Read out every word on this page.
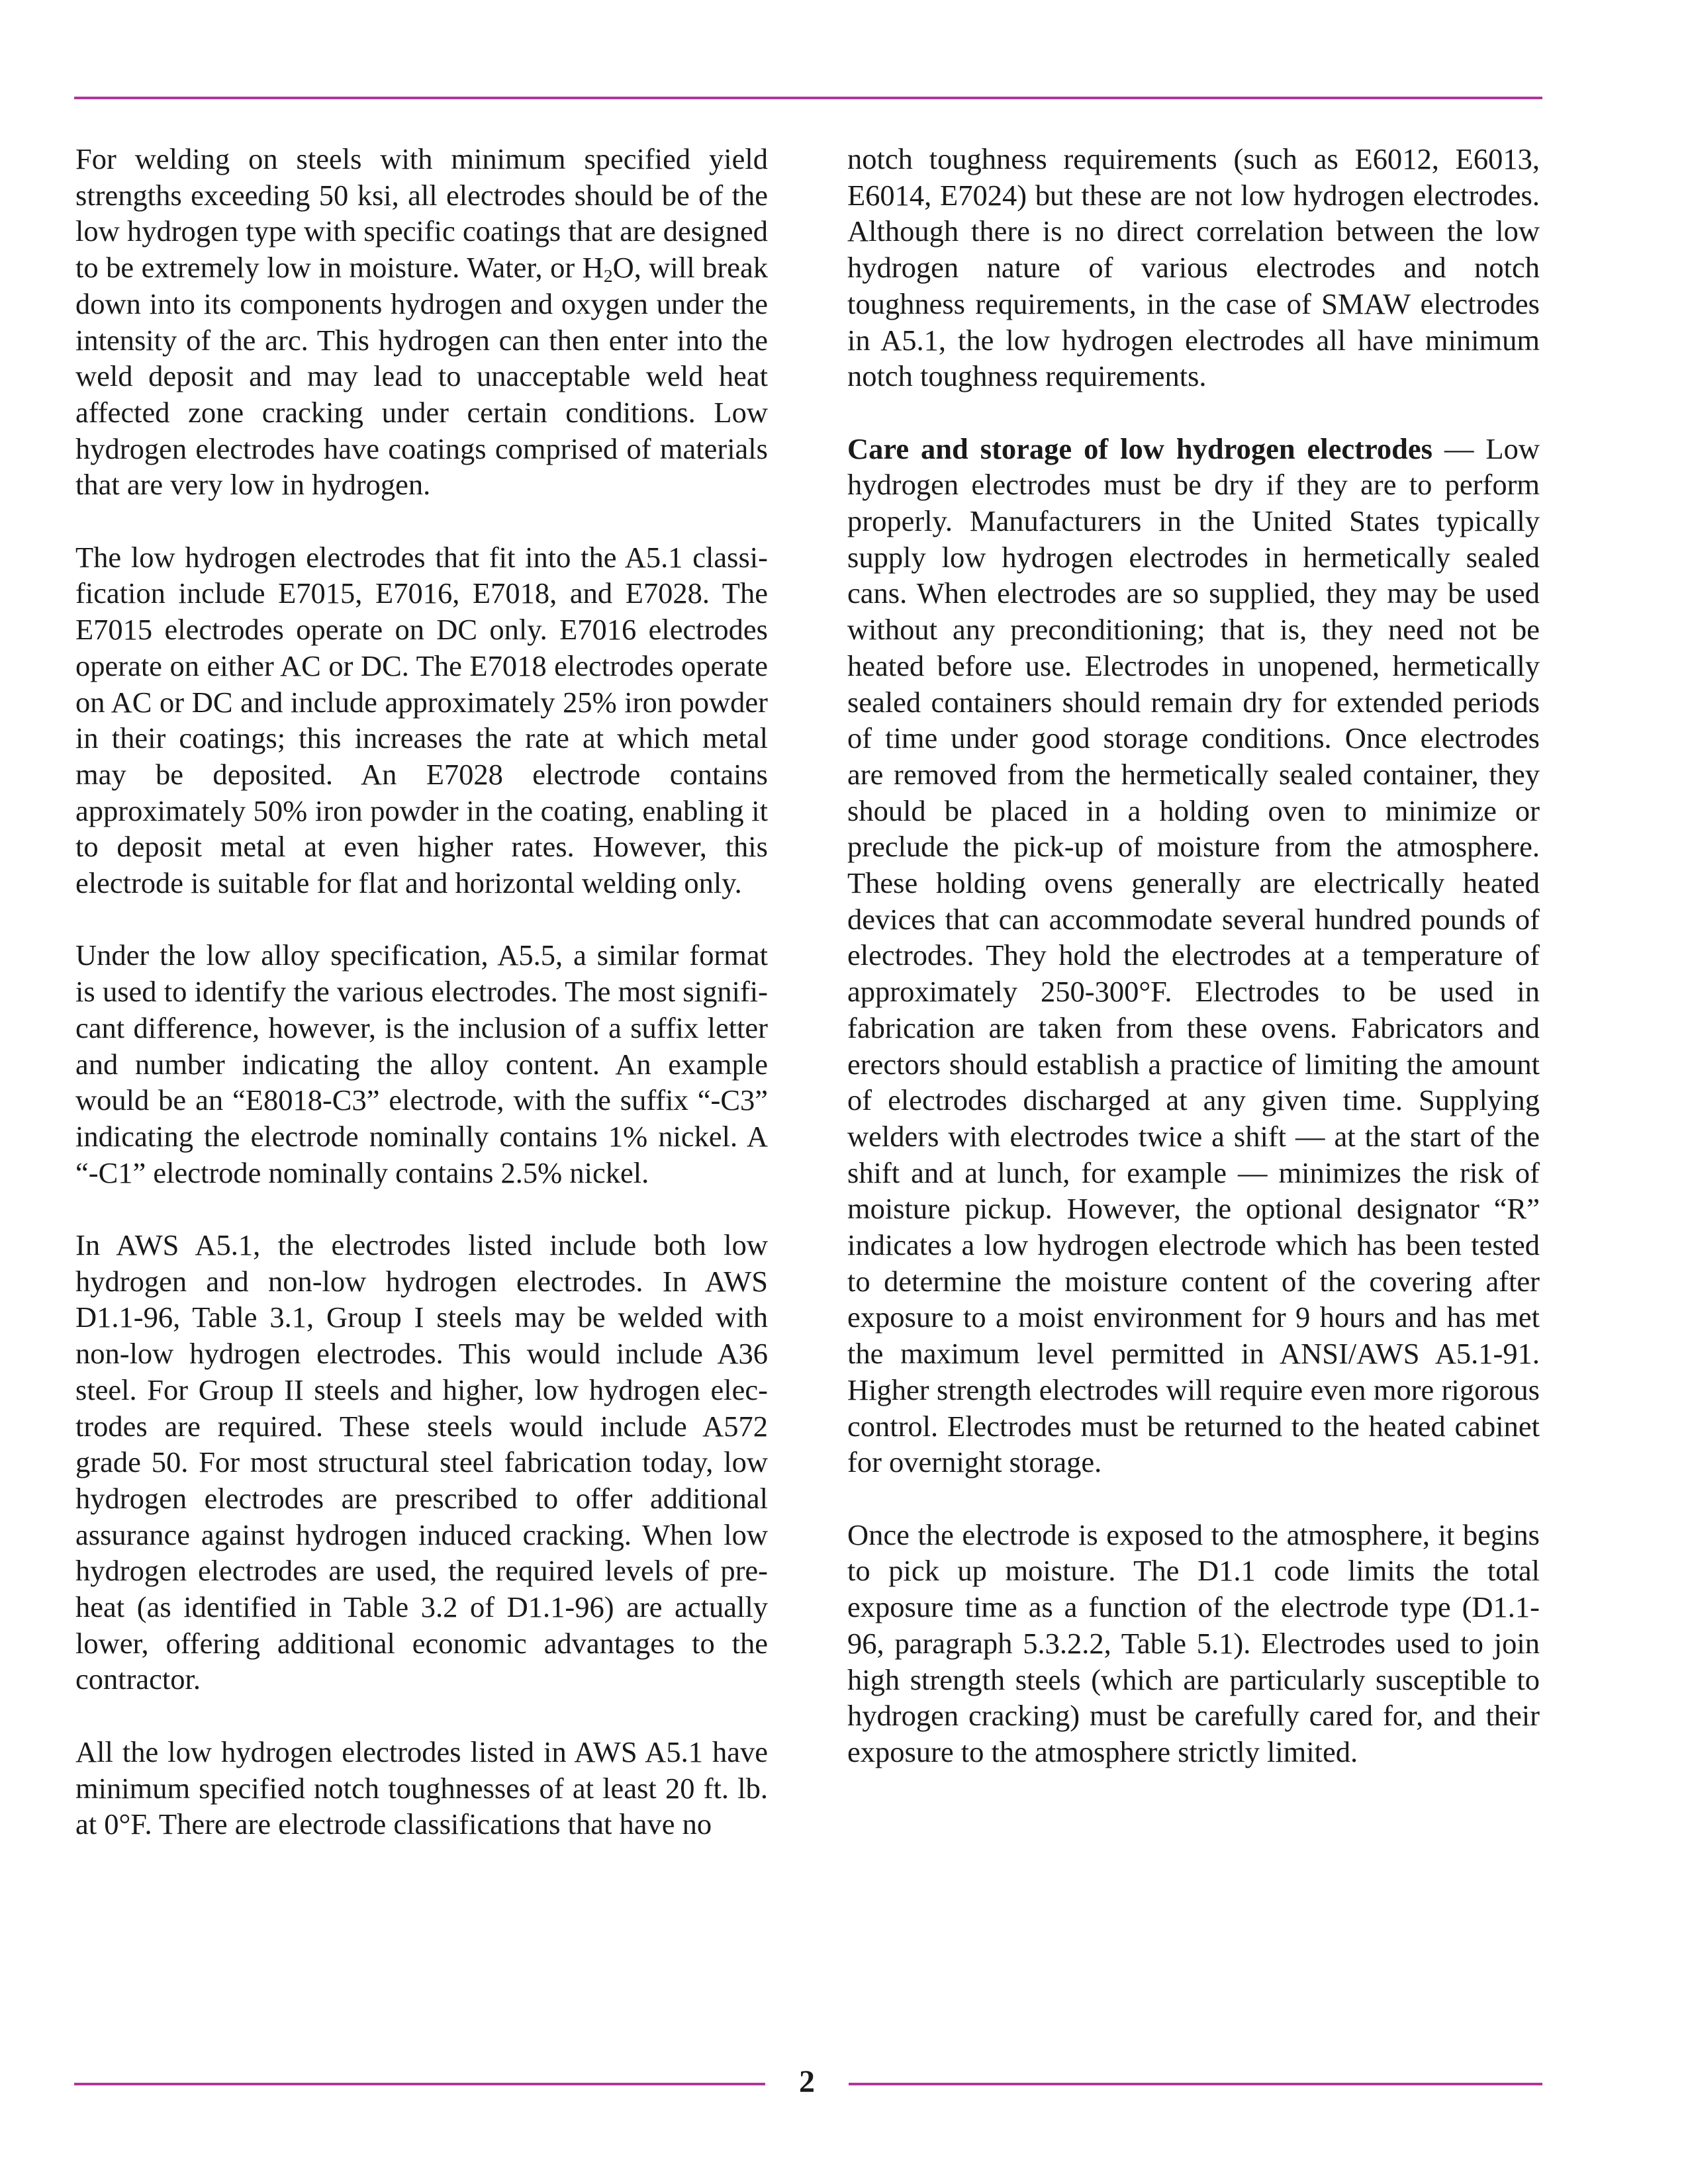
For welding on steels with minimum specified yield strengths exceeding 50 ksi, all electrodes should be of the low hydrogen type with specific coatings that are designed to be extremely low in moisture. Water, or $H_2O$, will break down into its components hydrogen and oxygen under the intensity of the arc. This hydrogen can then enter into the weld deposit and may lead to unacceptable weld heat affected zone cracking under certain conditions. Low hydrogen electrodes have coatings comprised of materials that are very low in hydrogen.

The low hydrogen electrodes that fit into the A5.1 classification include E7015, E7016, E7018, and E7028. The E7015 electrodes operate on DC only. E7016 electrodes operate on either AC or DC. The E7018 electrodes operate on AC or DC and include approximately 25% iron powder in their coatings; this increases the rate at which metal may be deposited. An E7028 electrode contains approximately 50% iron powder in the coating, enabling it to deposit metal at even higher rates. However, this electrode is suitable for flat and horizontal welding only.

Under the low alloy specification, A5.5, a similar format is used to identify the various electrodes. The most significant difference, however, is the inclusion of a suffix letter and number indicating the alloy content. An example would be an “E8018-C3” electrode, with the suffix “-C3” indicating the electrode nominally contains 1% nickel. A “-C1” electrode nominally contains 2.5% nickel.

In AWS A5.1, the electrodes listed include both low hydrogen and non-low hydrogen electrodes. In AWS D1.1-96, Table 3.1, Group I steels may be welded with non-low hydrogen electrodes. This would include A36 steel. For Group II steels and higher, low hydrogen electrodes are required. These steels would include A572 grade 50. For most structural steel fabrication today, low hydrogen electrodes are prescribed to offer additional assurance against hydrogen induced cracking. When low hydrogen electrodes are used, the required levels of preheat (as identified in Table 3.2 of D1.1-96) are actually lower, offering additional economic advantages to the contractor.

All the low hydrogen electrodes listed in AWS A5.1 have minimum specified notch toughnesses of at least 20 ft. lb. at 0°F. There are electrode classifications that have no

notch toughness requirements (such as E6012, E6013, E6014, E7024) but these are not low hydrogen electrodes. Although there is no direct correlation between the low hydrogen nature of various electrodes and notch toughness requirements, in the case of SMAW electrodes in A5.1, the low hydrogen electrodes all have minimum notch toughness requirements.

Care and storage of low hydrogen electrodes — Low hydrogen electrodes must be dry if they are to perform properly. Manufacturers in the United States typically supply low hydrogen electrodes in hermetically sealed cans. When electrodes are so supplied, they may be used without any preconditioning; that is, they need not be heated before use. Electrodes in unopened, hermetically sealed containers should remain dry for extended periods of time under good storage conditions. Once electrodes are removed from the hermetically sealed container, they should be placed in a holding oven to minimize or preclude the pick-up of moisture from the atmosphere. These holding ovens generally are electrically heated devices that can accommodate several hundred pounds of electrodes. They hold the electrodes at a temperature of approximately 250-300°F. Electrodes to be used in fabrication are taken from these ovens. Fabricators and erectors should establish a practice of limiting the amount of electrodes discharged at any given time. Supplying welders with electrodes twice a shift — at the start of the shift and at lunch, for example — minimizes the risk of moisture pickup. However, the optional designator “R” indicates a low hydrogen electrode which has been tested to determine the moisture content of the covering after exposure to a moist environment for 9 hours and has met the maximum level permitted in ANSI/AWS A5.1-91. Higher strength electrodes will require even more rigorous control. Electrodes must be returned to the heated cabinet for overnight storage.

Once the electrode is exposed to the atmosphere, it begins to pick up moisture. The D1.1 code limits the total exposure time as a function of the electrode type (D1.1-96, paragraph 5.3.2.2, Table 5.1). Electrodes used to join high strength steels (which are particularly susceptible to hydrogen cracking) must be carefully cared for, and their exposure to the atmosphere strictly limited.

2
